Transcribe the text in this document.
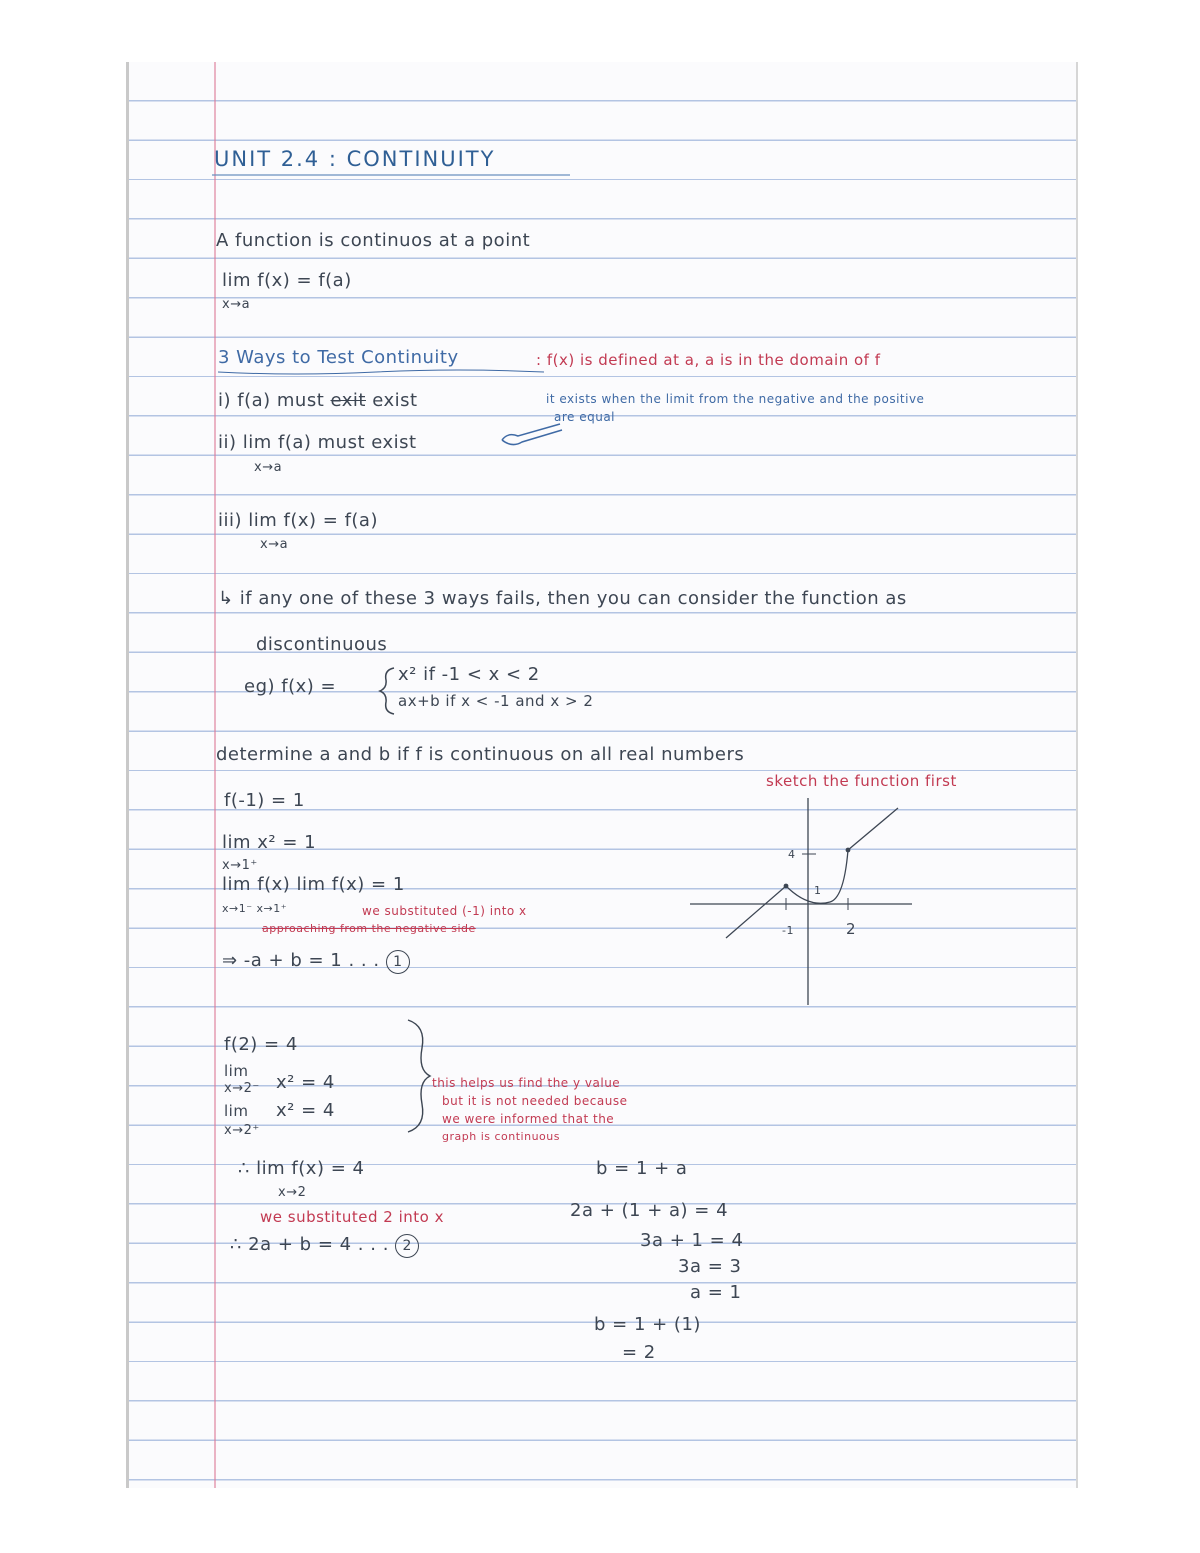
UNIT 2.4 : CONTINUITY
A function is continuos at a point
lim f(x) = f(a)
x→a
3 Ways to Test Continuity	: f(x) is defined at a, a is in the domain of f
i) f(a) must exit exist	it exists when the limit from the negative and the positive
are equal
ii) lim f(a) must exist
x→a
iii) lim f(x) = f(a)
x→a
↳ if any one of these 3 ways fails, then you can consider the function as
discontinuous
eg) f(x) =
x² if -1 < x < 2
ax+b if x < -1 and x > 2
determine a and b if f is continuous on all real numbers
sketch the function first
f(-1) = 1
lim x² = 1
x→1⁺
lim f(x) lim f(x) = 1
x→1⁻ x→1⁺	we substituted (-1) into x
approaching from the negative side
⇒ -a + b = 1 . . . 1
4
1
-1	2
f(2) = 4
lim
x² = 4
x→2⁻
lim x² = 4
x→2⁺
this helps us find the y value
but it is not needed because
we were informed that the
graph is continuous
∴ lim f(x) = 4
x→2
we substituted 2 into x
∴ 2a + b = 4 . . . 2
b = 1 + a
2a + (1 + a) = 4
3a + 1 = 4
3a = 3
a = 1
b = 1 + (1)
= 2
